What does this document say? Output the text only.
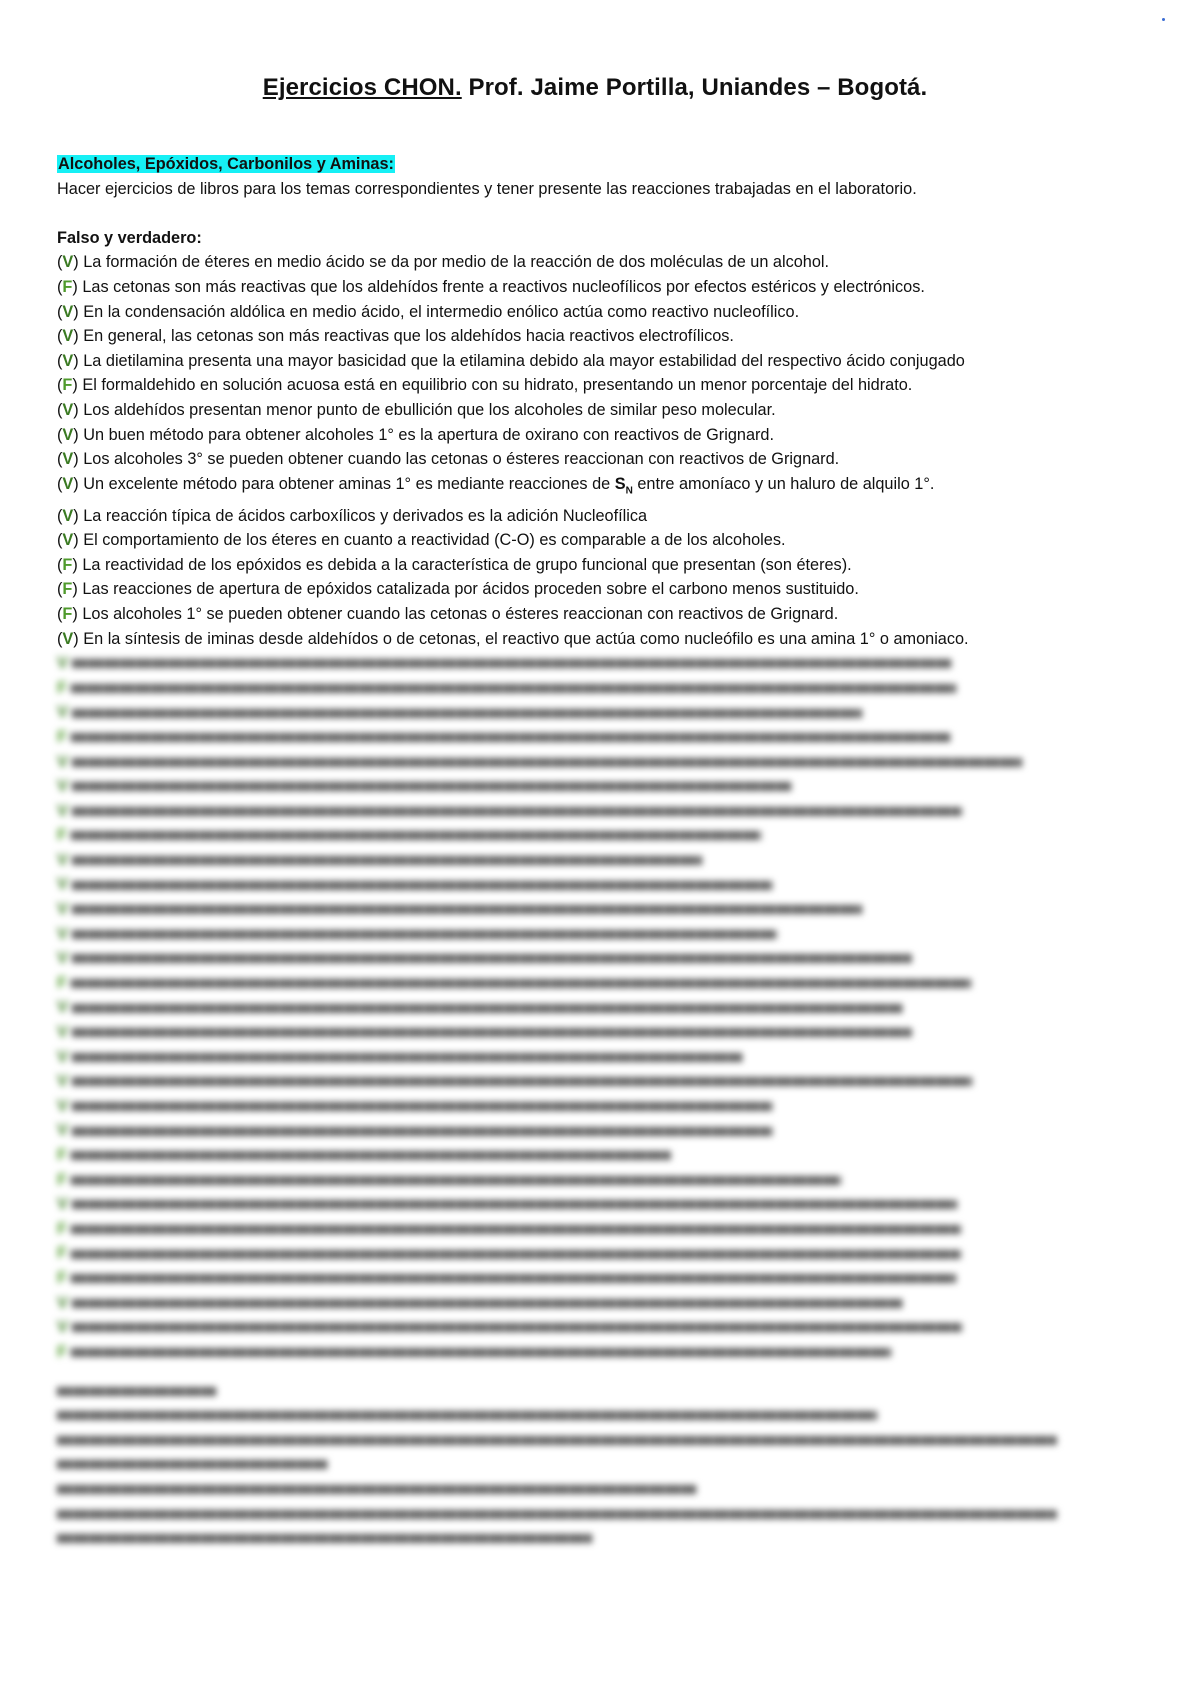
Ejercicios CHON. Prof. Jaime Portilla, Uniandes – Bogotá.
Alcoholes, Epóxidos, Carbonilos y Aminas:
Hacer ejercicios de libros para los temas correspondientes y tener presente las reacciones trabajadas en el laboratorio.
Falso y verdadero:
(V) La formación de éteres en medio ácido se da por medio de la reacción de dos moléculas de un alcohol.
(F) Las cetonas son más reactivas que los aldehídos frente a reactivos nucleofílicos por efectos estéricos y electrónicos.
(V) En la condensación aldólica en medio ácido, el intermedio enólico actúa como reactivo nucleofílico.
(V) En general, las cetonas son más reactivas que los aldehídos hacia reactivos electrofílicos.
(V) La dietilamina presenta una mayor basicidad que la etilamina debido ala mayor estabilidad del respectivo ácido conjugado
(F) El formaldehido en solución acuosa está en equilibrio con su hidrato, presentando un menor porcentaje del hidrato.
(V) Los aldehídos presentan menor punto de ebullición que los alcoholes de similar peso molecular.
(V) Un buen método para obtener alcoholes 1° es la apertura de oxirano con reactivos de Grignard.
(V) Los alcoholes 3° se pueden obtener cuando las cetonas o ésteres reaccionan con reactivos de Grignard.
(V) Un excelente método para obtener aminas 1° es mediante reacciones de $S_N$ entre amoníaco y un haluro de alquilo 1°.
(V) La reacción típica de ácidos carboxílicos y derivados es la adición Nucleofílica
(V) El comportamiento de los éteres en cuanto a reactividad (C-O) es comparable a de los alcoholes.
(F) La reactividad de los epóxidos es debida a la característica de grupo funcional que presentan (son éteres).
(F) Las reacciones de apertura de epóxidos catalizada por ácidos proceden sobre el carbono menos sustituido.
(F) Los alcoholes 1° se pueden obtener cuando las cetonas o ésteres reaccionan con reactivos de Grignard.
(V) En la síntesis de iminas desde aldehídos o de cetonas, el reactivo que actúa como nucleófilo es una amina 1° o amoniaco.
V
F
V
F
V
V
V
F
V
V
V
V
V
F
V
V
V
V
V
V
F
F
V
F
F
F
V
V
F
